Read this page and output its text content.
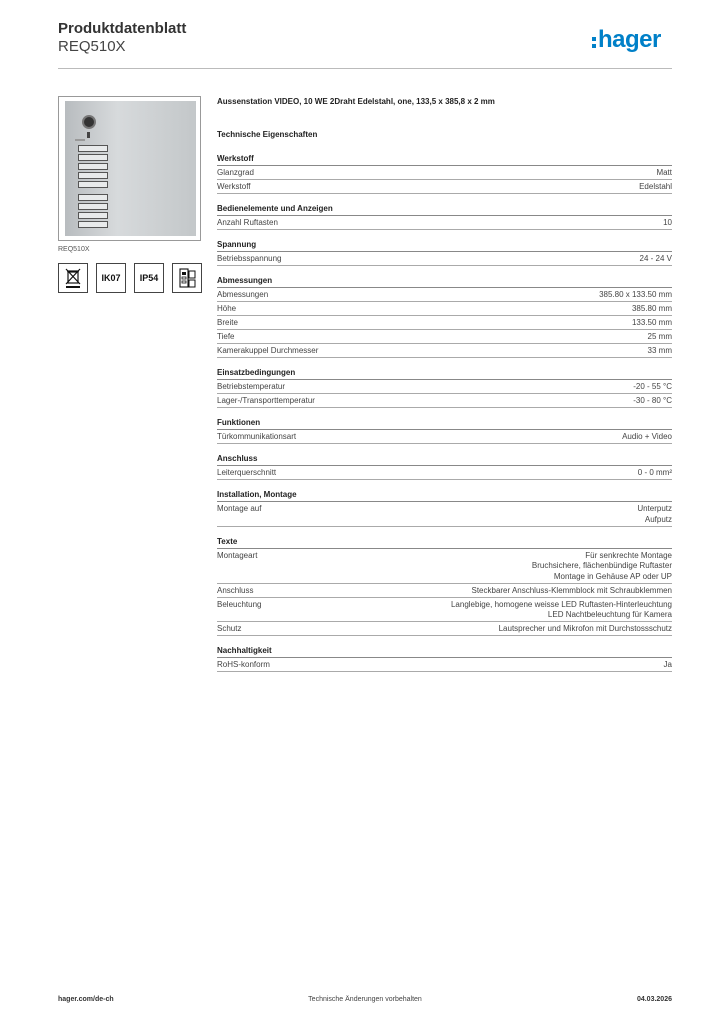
Produktdatenblatt
REQ510X	hager
REQ510X
IK07	IP54
Aussenstation VIDEO, 10 WE 2Draht Edelstahl, one, 133,5 x 385,8 x 2 mm
Technische Eigenschaften
Werkstoff
Glanzgrad	Matt
Werkstoff	Edelstahl
Bedienelemente und Anzeigen
Anzahl Ruftasten	10
Spannung
Betriebsspannung	24 - 24 V
Abmessungen
Abmessungen	385.80 x 133.50 mm
Höhe	385.80 mm
Breite	133.50 mm
Tiefe	25 mm
Kamerakuppel Durchmesser	33 mm
Einsatzbedingungen
Betriebstemperatur	-20 - 55 °C
Lager-/Transporttemperatur	-30 - 80 °C
Funktionen
Türkommunikationsart	Audio + Video
Anschluss
Leiterquerschnitt	0 - 0 mm²
Installation, Montage
Montage auf	Unterputz
Aufputz
Texte
Montageart	Für senkrechte Montage
Bruchsichere, flächenbündige Ruftaster
Montage in Gehäuse AP oder UP
Anschluss	Steckbarer Anschluss-Klemmblock mit Schraubklemmen
Beleuchtung	Langlebige, homogene weisse LED Ruftasten-Hinterleuchtung
LED Nachtbeleuchtung für Kamera
Schutz	Lautsprecher und Mikrofon mit Durchstossschutz
Nachhaltigkeit
RoHS-konform	Ja
Technische Änderungen vorbehalten
hager.com/de-ch	04.03.2026
